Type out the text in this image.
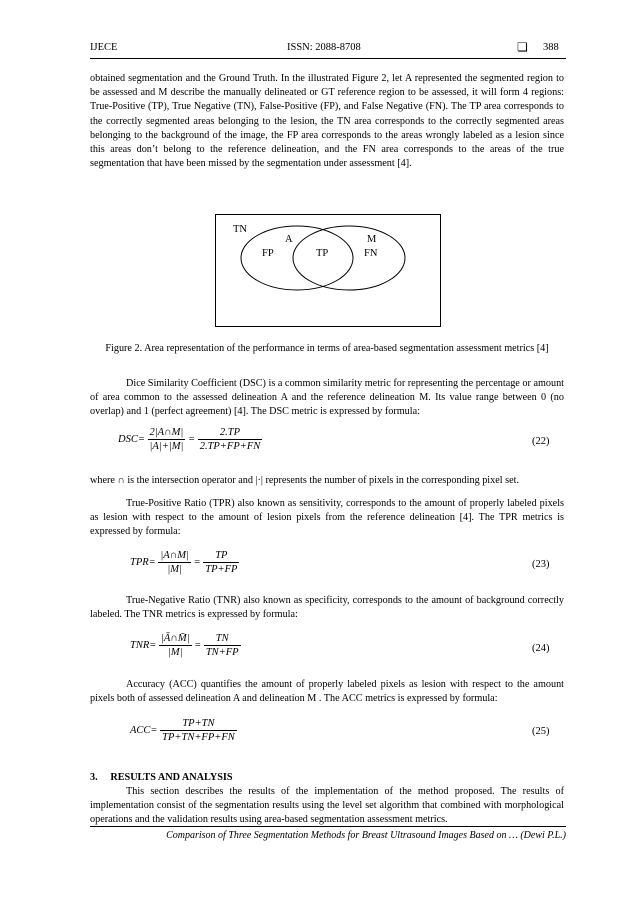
IJECE	ISSN: 2088-8708	❏ 388
obtained segmentation and the Ground Truth. In the illustrated Figure 2, let A represented the segmented region to be assessed and M describe the manually delineated or GT reference region to be assessed, it will form 4 regions: True-Positive (TP), True Negative (TN), False-Positive (FP), and False Negative (FN). The TP area corresponds to the correctly segmented areas belonging to the lesion, the TN area corresponds to the correctly segmented areas belonging to the background of the image, the FP area corresponds to the areas wrongly labeled as a lesion since this areas don’t belong to the reference delineation, and the FN area corresponds to the areas of the true segmentation that have been missed by the segmentation under assessment [4].
TN
A	M
FP	TP	FN
Figure 2. Area representation of the performance in terms of area-based segmentation assessment metrics [4]
Dice Similarity Coefficient (DSC) is a common similarity metric for representing the percentage or amount of area common to the assessed delineation A and the reference delineation M. Its value range between 0 (no overlap) and 1 (perfect agreement) [4]. The DSC metric is expressed by formula:
$DSC= \frac{2|A\cap M|}{|A|+|M|} = \frac{2.TP}{2.TP+FP+FN}$	(22)
where ∩ is the intersection operator and |·| represents the number of pixels in the corresponding pixel set.
True-Positive Ratio (TPR) also known as sensitivity, corresponds to the amount of properly labeled pixels as lesion with respect to the amount of lesion pixels from the reference delineation [4]. The TPR metrics is expressed by formula:
$TPR= \frac{|A\cap M|}{|M|} = \frac{TP}{TP+FP}$	(23)
True-Negative Ratio (TNR) also known as specificity, corresponds to the amount of background correctly labeled. The TNR metrics is expressed by formula:
$TNR= \frac{|Ā\cap M̄|}{|M|} = \frac{TN}{TN+FP}$	(24)
Accuracy (ACC) quantifies the amount of properly labeled pixels as lesion with respect to the amount pixels both of assessed delineation A and delineation M . The ACC metrics is expressed by formula:
$ACC= \frac{TP+TN}{TP+TN+FP+FN}$	(25)
3.     RESULTS AND ANALYSIS
This section describes the results of the implementation of the method proposed. The results of implementation consist of the segmentation results using the level set algorithm that combined with morphological operations and the validation results using area-based segmentation assessment metrics.
Comparison of Three Segmentation Methods for Breast Ultrasound Images Based on … (Dewi P.L.)
